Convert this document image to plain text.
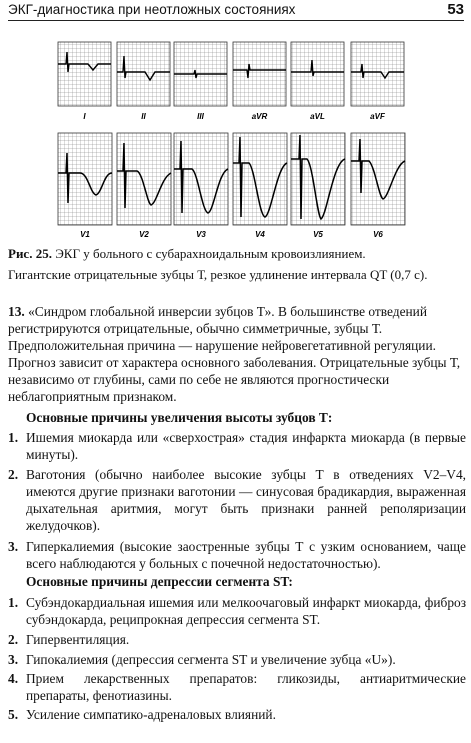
ЭКГ-диагностика при неотложных состояниях	53
I	II	III	aVR	aVL	aVF
V1	V2	V3	V4	V5	V6
Рис. 25. ЭКГ у больного с субарахноидальным кровоизлиянием.
Гигантские отрицательные зубцы Т, резкое удлинение интервала QT (0,7 с).
13. «Синдром глобальной инверсии зубцов Т». В большинстве отведений регистрируются отрицательные, обычно симметричные, зубцы Т. Предположительная причина — нарушение нейровегетативной регуляции. Прогноз зависит от характера основного заболевания. Отрицательные зубцы Т, независимо от глубины, сами по себе не являются прогностически неблагоприятным признаком.
Основные причины увеличения высоты зубцов Т:
1. Ишемия миокарда или «сверхострая» стадия инфаркта миокарда (в первые минуты).
2. Ваготония (обычно наиболее высокие зубцы Т в отведениях V2–V4, имеются другие признаки ваготонии — синусовая брадикардия, выраженная дыхательная аритмия, могут быть признаки ранней реполяризации желудочков).
3. Гиперкалиемия (высокие заостренные зубцы Т с узким основанием, чаще всего наблюдаются у больных с почечной недостаточностью).
Основные причины депрессии сегмента ST:
1. Субэндокардиальная ишемия или мелкоочаговый инфаркт миокарда, фиброз субэндокарда, реципрокная депрессия сегмента ST.
2. Гипервентиляция.
3. Гипокалиемия (депрессия сегмента ST и увеличение зубца «U»).
4. Прием лекарственных препаратов: гликозиды, антиаритмические препараты, фенотиазины.
5. Усиление симпатико-адреналовых влияний.
